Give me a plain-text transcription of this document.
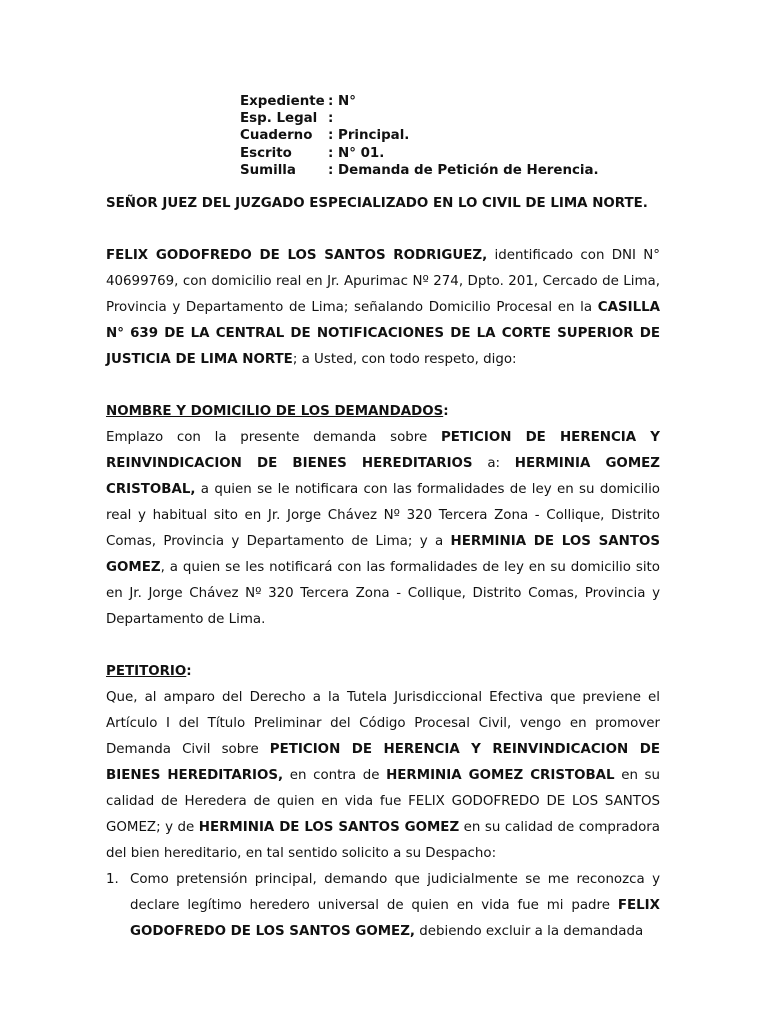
Expediente : N°
Esp. Legal :
Cuaderno	: Principal.
Escrito	: N° 01.
Sumilla	: Demanda de Petición de Herencia.

SEÑOR JUEZ DEL JUZGADO ESPECIALIZADO EN LO CIVIL DE LIMA NORTE.

FELIX GODOFREDO DE LOS SANTOS RODRIGUEZ, identificado con DNI N° 40699769, con domicilio real en Jr. Apurimac Nº 274, Dpto. 201, Cercado de Lima, Provincia y Departamento de Lima; señalando Domicilio Procesal en la CASILLA N° 639 DE LA CENTRAL DE NOTIFICACIONES DE LA CORTE SUPERIOR DE JUSTICIA DE LIMA NORTE; a Usted, con todo respeto, digo:

NOMBRE Y DOMICILIO DE LOS DEMANDADOS:

Emplazo con la presente demanda sobre PETICION DE HERENCIA Y REINVINDICACION DE BIENES HEREDITARIOS a: HERMINIA GOMEZ CRISTOBAL, a quien se le notificara con las formalidades de ley en su domicilio real y habitual sito en Jr. Jorge Chávez Nº 320 Tercera Zona - Collique, Distrito Comas, Provincia y Departamento de Lima; y a HERMINIA DE LOS SANTOS GOMEZ, a quien se les notificará con las formalidades de ley en su domicilio sito en Jr. Jorge Chávez Nº 320 Tercera Zona - Collique, Distrito Comas, Provincia y Departamento de Lima.

PETITORIO:

Que, al amparo del Derecho a la Tutela Jurisdiccional Efectiva que previene el Artículo I del Título Preliminar del Código Procesal Civil, vengo en promover Demanda Civil sobre PETICION DE HERENCIA Y REINVINDICACION DE BIENES HEREDITARIOS, en contra de HERMINIA GOMEZ CRISTOBAL en su calidad de Heredera de quien en vida fue FELIX GODOFREDO DE LOS SANTOS GOMEZ; y de HERMINIA DE LOS SANTOS GOMEZ en su calidad de compradora del bien hereditario, en tal sentido solicito a su Despacho:

1. Como pretensión principal, demando que judicialmente se me reconozca y declare legítimo heredero universal de quien en vida fue mi padre FELIX GODOFREDO DE LOS SANTOS GOMEZ, debiendo excluir a la demandada
